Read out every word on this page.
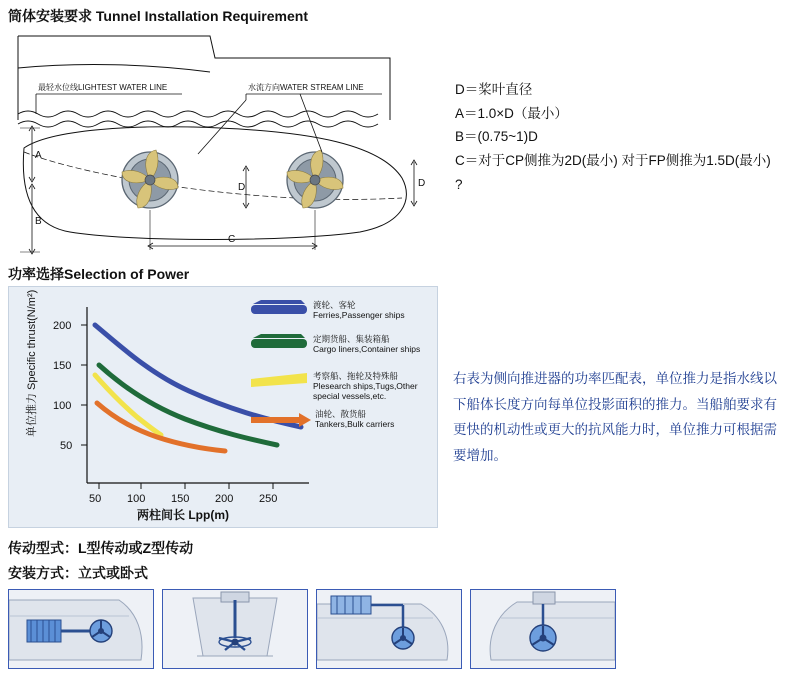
筒体安装要求 Tunnel Installation Requirement
最轻水位线LIGHTEST WATER LINE	水流方向WATER STREAM LINE
A
B
D	D
C
D＝桨叶直径
A＝1.0×D（最小）
B＝(0.75~1)D
C＝对于CP侧推为2D(最小) 对于FP侧推为1.5D(最小)
?
功率选择Selection of Power
200
150
100
50
50 100 150 200 250
单位推力 Specific thrust(N/m²)
两柱间长 Lpp(m)
渡轮、客轮
Ferries,Passenger ships
定期货船、集装箱船
Cargo liners,Container ships
考察船、拖轮及特殊船
Plesearch ships,Tugs,Other
special vessels,etc.
油轮、散货船
Tankers,Bulk carriers
右表为侧向推进器的功率匹配表，单位推力是指水线以下船体长度方向每单位投影面积的推力。当船舶要求有更快的机动性或更大的抗风能力时，单位推力可根据需要增加。
传动型式：L型传动或Z型传动
安装方式：立式或卧式
